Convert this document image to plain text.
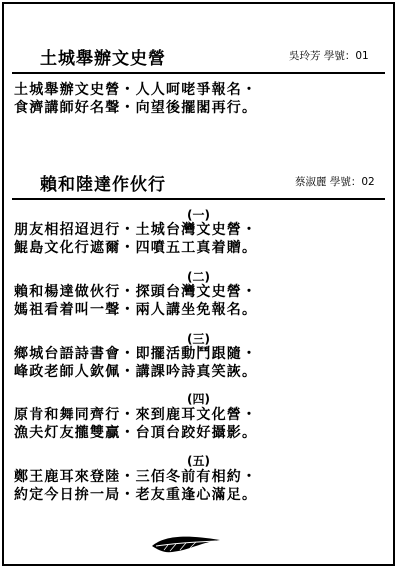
土城舉辦文史營	吳玲芳 學號：01
土城舉辦文史營・人人呵咾爭報名・
食濟講師好名聲・向望後擺閣再行。
賴和陸達作伙行	蔡淑麗 學號：02
(一)
朋友相招迢迌行・土城台灣文史營・
鯤島文化行遮爾・四噴五工真着贈。
(二)
賴和楊達做伙行・探頭台灣文史營・
媽祖看着叫一聲・兩人講坐免報名。
(三)
鄉城台語詩書會・即擺活動鬥跟隨・
峰政老師人欽佩・講課吟詩真笑詼。
(四)
原肯和舞同齊行・來到鹿耳文化營・
漁夫灯友攏雙贏・台頂台跤好攝影。
(五)
鄭王鹿耳來登陸・三佰冬前有相約・
約定今日拚一局・老友重逢心滿足。
